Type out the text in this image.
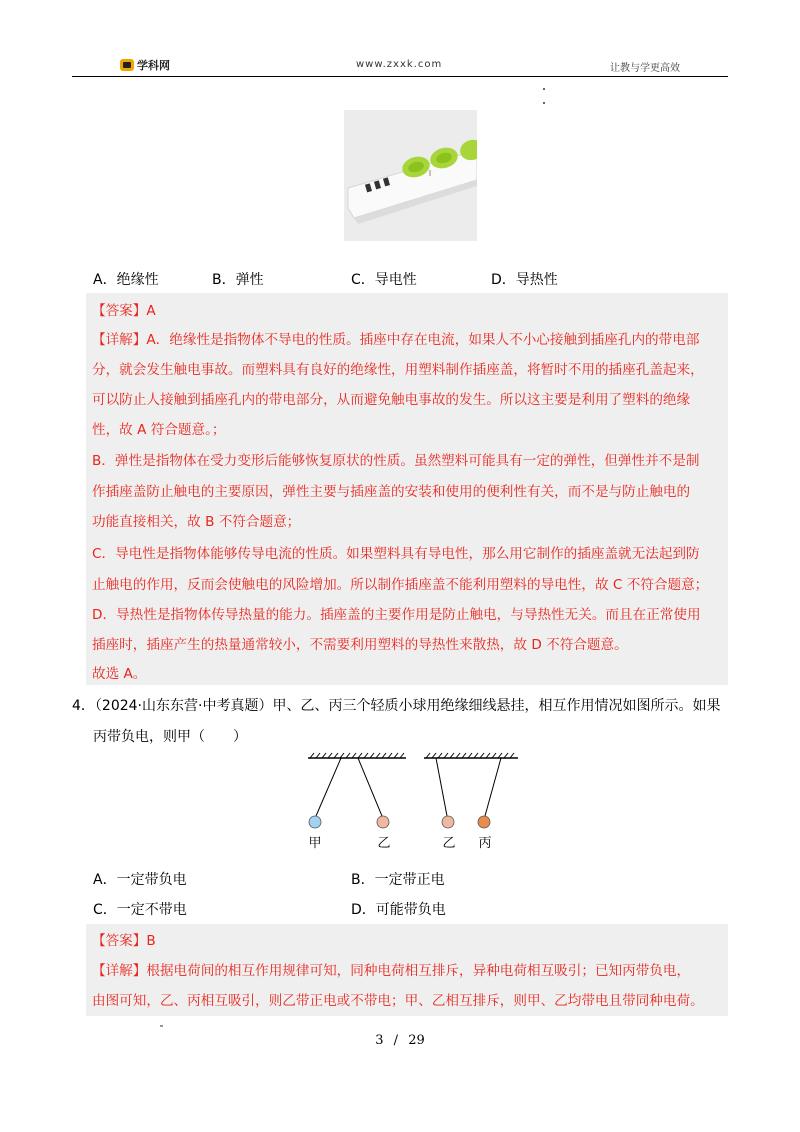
学科网	www.zxxk.com	让教与学更高效
A．绝缘性	B．弹性	C．导电性	D．导热性
【答案】A
【详解】A．绝缘性是指物体不导电的性质。插座中存在电流，如果人不小心接触到插座孔内的带电部
分，就会发生触电事故。而塑料具有良好的绝缘性，用塑料制作插座盖，将暂时不用的插座孔盖起来，
可以防止人接触到插座孔内的带电部分，从而避免触电事故的发生。所以这主要是利用了塑料的绝缘
性，故 A 符合题意。；
B．弹性是指物体在受力变形后能够恢复原状的性质。虽然塑料可能具有一定的弹性，但弹性并不是制
作插座盖防止触电的主要原因，弹性主要与插座盖的安装和使用的便利性有关，而不是与防止触电的
功能直接相关，故 B 不符合题意；
C．导电性是指物体能够传导电流的性质。如果塑料具有导电性，那么用它制作的插座盖就无法起到防
止触电的作用，反而会使触电的风险增加。所以制作插座盖不能利用塑料的导电性，故 C 不符合题意；
D．导热性是指物体传导热量的能力。插座盖的主要作用是防止触电，与导热性无关。而且在正常使用
插座时，插座产生的热量通常较小，不需要利用塑料的导热性来散热，故 D 不符合题意。
故选 A。
4．（2024·山东东营·中考真题）甲、乙、丙三个轻质小球用绝缘细线悬挂，相互作用情况如图所示。如果
丙带负电，则甲（　　）
甲	乙	乙 丙
A．一定带负电	B．一定带正电
C．一定不带电	D．可能带负电
【答案】B
【详解】根据电荷间的相互作用规律可知，同种电荷相互排斥，异种电荷相互吸引；已知丙带负电，
由图可知，乙、丙相互吸引，则乙带正电或不带电；甲、乙相互排斥，则甲、乙均带电且带同种电荷。
3 / 29
